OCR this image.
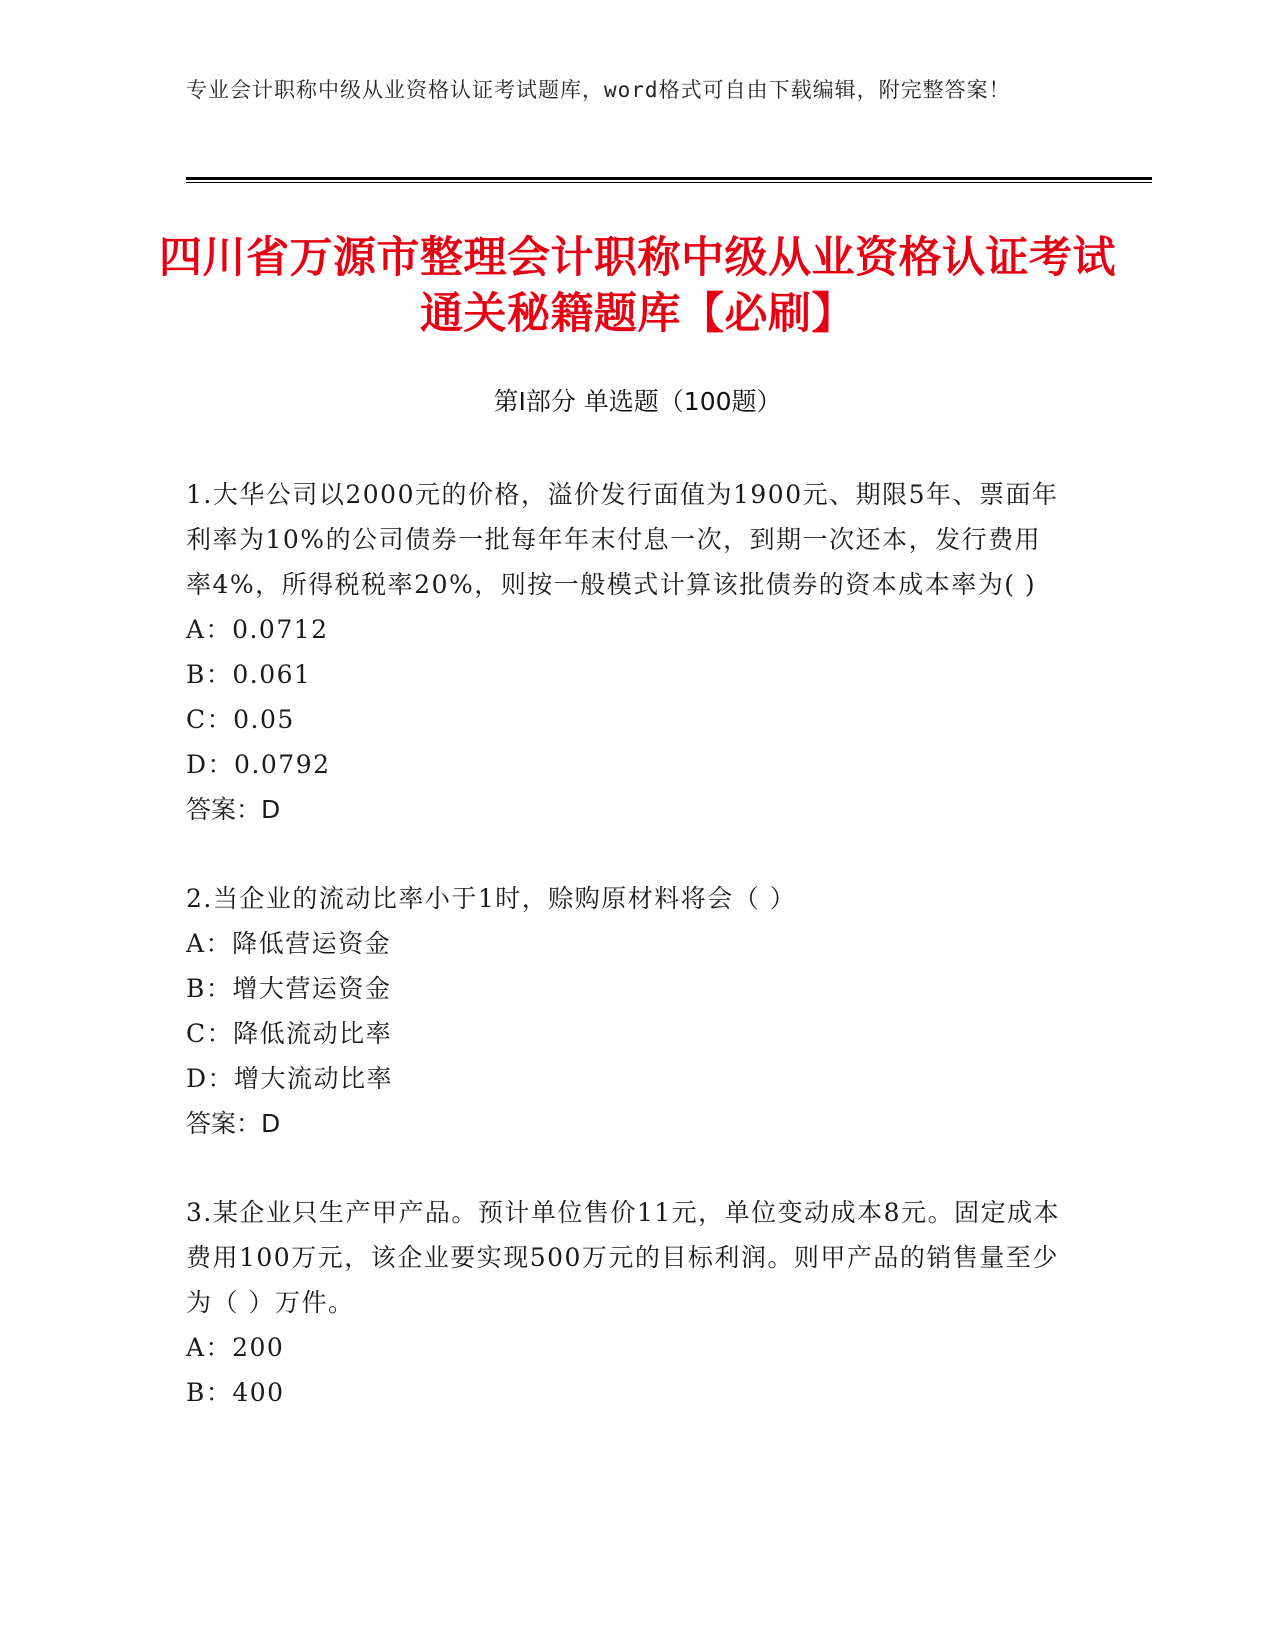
专业会计职称中级从业资格认证考试题库，word格式可自由下载编辑，附完整答案！
四川省万源市整理会计职称中级从业资格认证考试通关秘籍题库【必刷】
第Ⅰ部分 单选题（100题）

1.大华公司以2000元的价格，溢价发行面值为1900元、期限5年、票面年利率为10%的公司债券一批每年年末付息一次，到期一次还本，发行费用率4%，所得税税率20%，则按一般模式计算该批债券的资本成本率为( )

A：0.0712

B：0.061

C：0.05

D：0.0792

答案：D

2.当企业的流动比率小于1时，赊购原材料将会（ ）

A：降低营运资金

B：增大营运资金

C：降低流动比率

D：增大流动比率

答案：D

3.某企业只生产甲产品。预计单位售价11元，单位变动成本8元。固定成本费用100万元，该企业要实现500万元的目标利润。则甲产品的销售量至少为（ ）万件。

A：200

B：400
